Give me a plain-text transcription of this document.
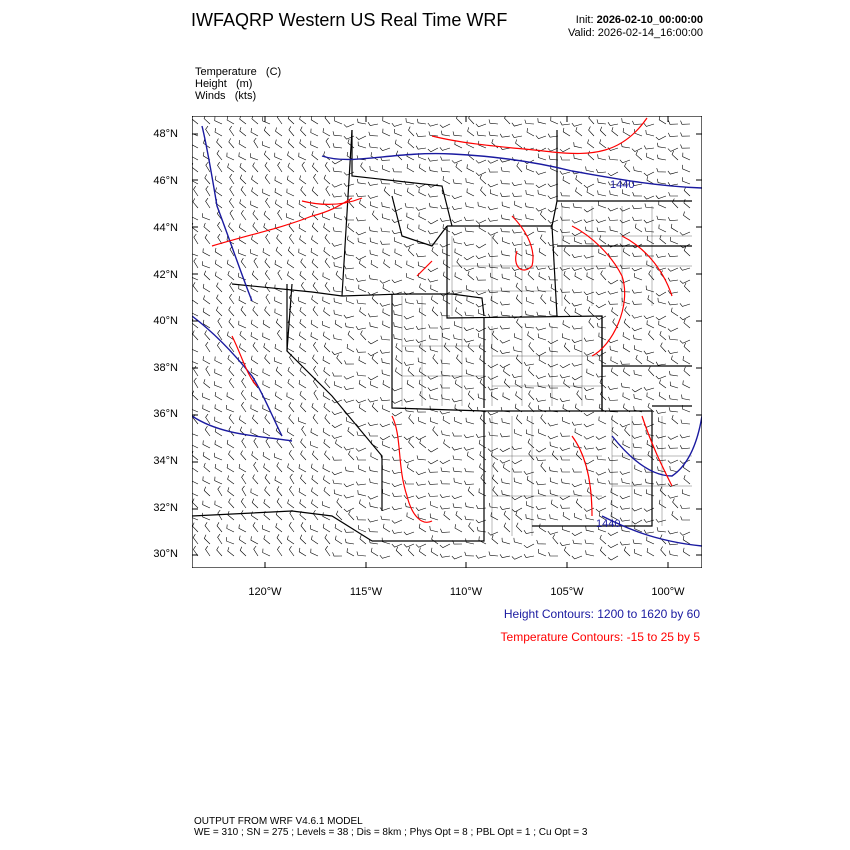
IWFAQRP Western US Real Time WRF	Init: 2026-02-10_00:00:00
Valid: 2026-02-14_16:00:00
Temperature   (C)
Height   (m)
Winds   (kts)
1440
1440
48°N
46°N
44°N
42°N
40°N
38°N
36°N
34°N
32°N
30°N
120°W	115°W	110°W	105°W	100°W
Height Contours: 1200 to 1620 by 60
Temperature Contours: -15 to 25 by 5
OUTPUT FROM WRF V4.6.1 MODEL
WE = 310 ; SN = 275 ; Levels = 38 ; Dis = 8km ; Phys Opt = 8 ; PBL Opt = 1 ; Cu Opt = 3
